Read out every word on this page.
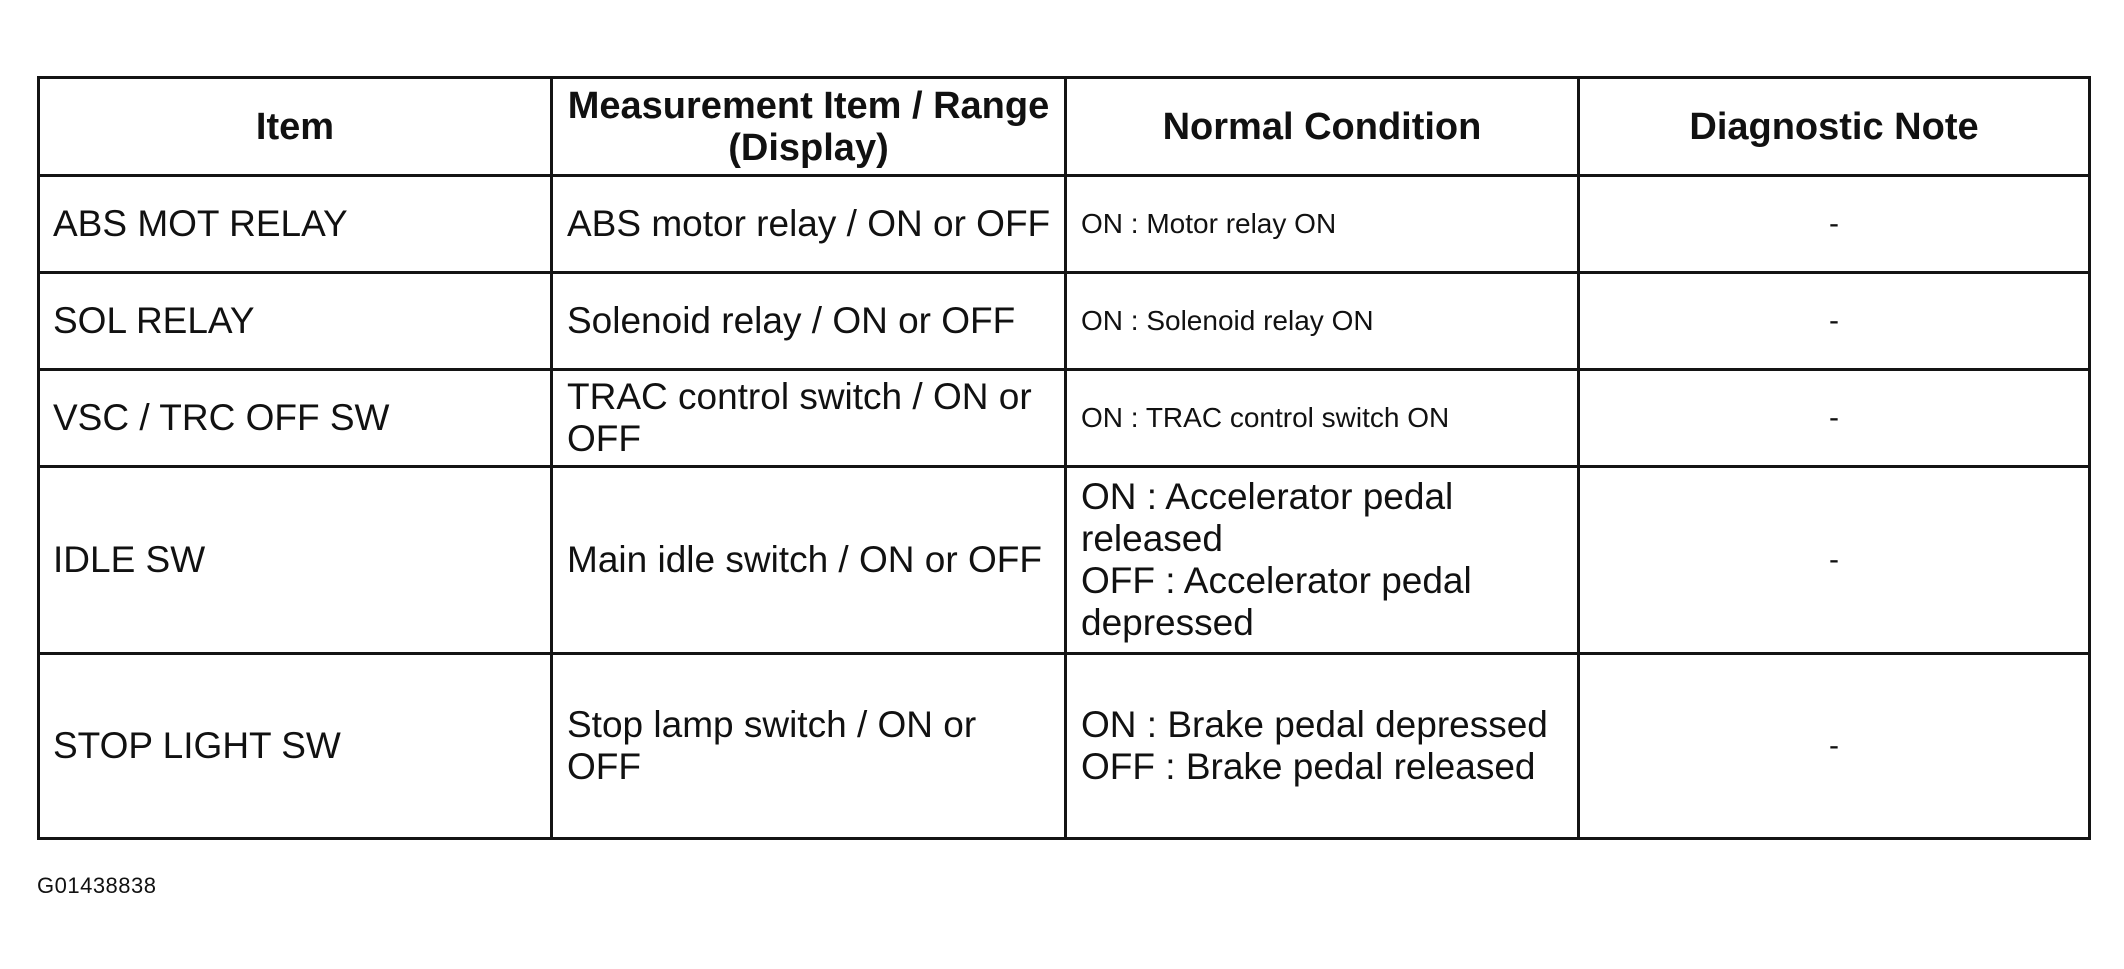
Item	Measurement Item / Range (Display)	Normal Condition	Diagnostic Note
ABS MOT RELAY	ABS motor relay / ON or OFF	ON : Motor relay ON	-
SOL RELAY	Solenoid relay / ON or OFF	ON : Solenoid relay ON	-
VSC / TRC OFF SW	TRAC control switch / ON or OFF	ON : TRAC control switch ON	-
IDLE SW	Main idle switch / ON or OFF	ON : Accelerator pedal released
OFF : Accelerator pedal depressed	-
STOP LIGHT SW	Stop lamp switch / ON or OFF	ON : Brake pedal depressed
OFF : Brake pedal released	-
G01438838
